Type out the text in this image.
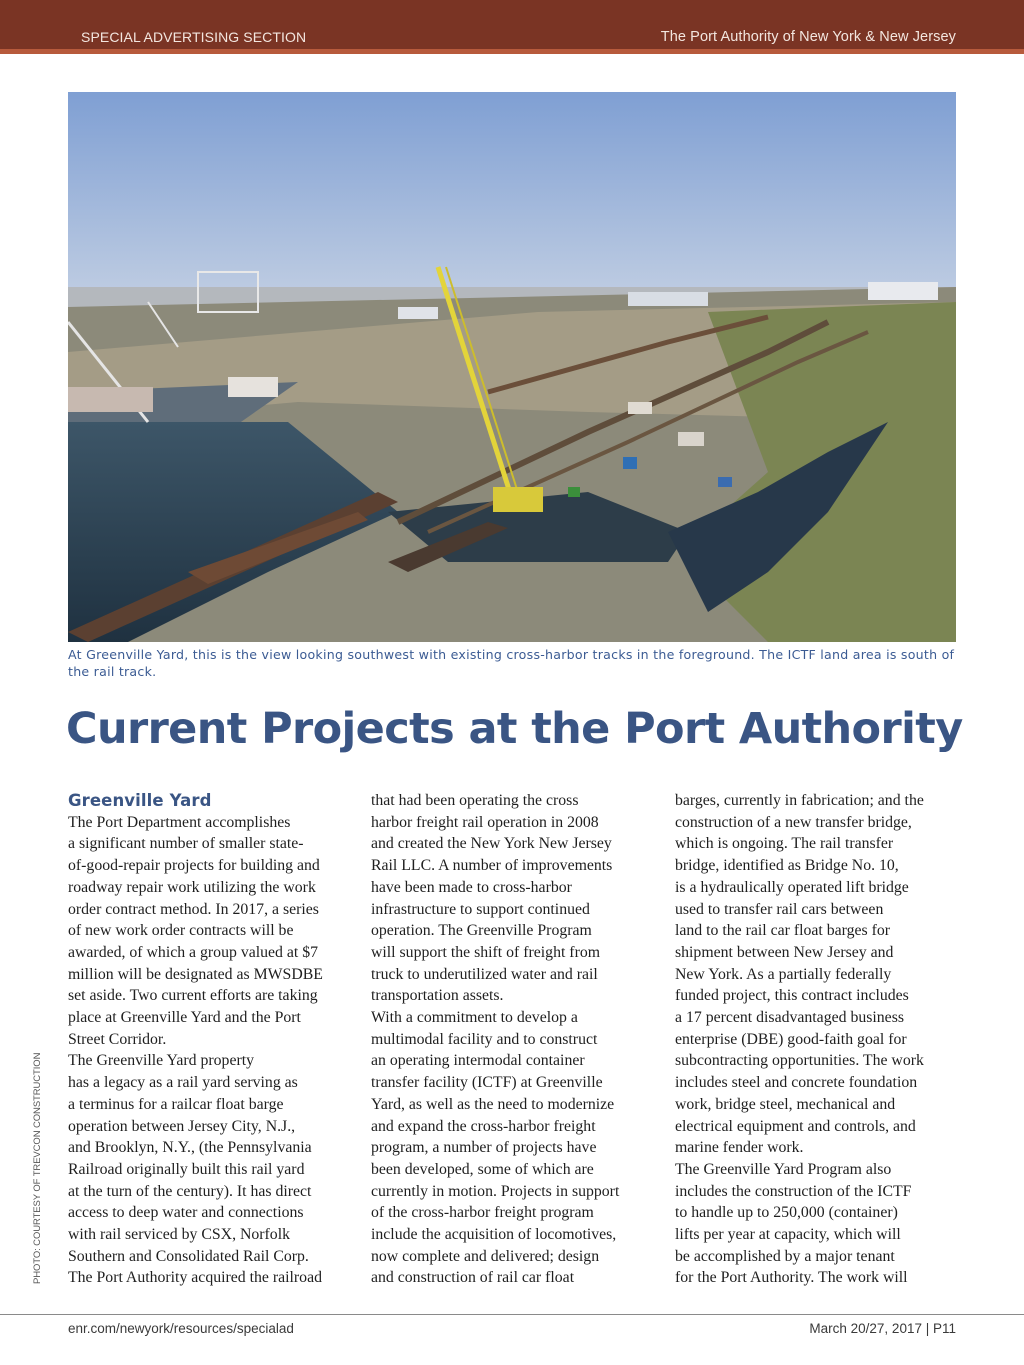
SPECIAL ADVERTISING SECTION	The Port Authority of New York & New Jersey
PHOTO: COURTESY OF TREVCON CONSTRUCTION
At Greenville Yard, this is the view looking southwest with existing cross-harbor tracks in the foreground. The ICTF land area is south of the rail track.
Current Projects at the Port Authority
Greenville Yard

The Port Department accomplishes
a significant number of smaller state-
of-good-repair projects for building and
roadway repair work utilizing the work
order contract method. In 2017, a series
of new work order contracts will be
awarded, of which a group valued at $7
million will be designated as MWSDBE
set aside. Two current efforts are taking
place at Greenville Yard and the Port
Street Corridor.
The Greenville Yard property
has a legacy as a rail yard serving as
a terminus for a railcar float barge
operation between Jersey City, N.J.,
and Brooklyn, N.Y., (the Pennsylvania
Railroad originally built this rail yard
at the turn of the century). It has direct
access to deep water and connections
with rail serviced by CSX, Norfolk
Southern and Consolidated Rail Corp.
The Port Authority acquired the railroad

that had been operating the cross
harbor freight rail operation in 2008
and created the New York New Jersey
Rail LLC. A number of improvements
have been made to cross-harbor
infrastructure to support continued
operation. The Greenville Program
will support the shift of freight from
truck to underutilized water and rail
transportation assets.
With a commitment to develop a
multimodal facility and to construct
an operating intermodal container
transfer facility (ICTF) at Greenville
Yard, as well as the need to modernize
and expand the cross-harbor freight
program, a number of projects have
been developed, some of which are
currently in motion. Projects in support
of the cross-harbor freight program
include the acquisition of locomotives,
now complete and delivered; design
and construction of rail car float

barges, currently in fabrication; and the
construction of a new transfer bridge,
which is ongoing. The rail transfer
bridge, identified as Bridge No. 10,
is a hydraulically operated lift bridge
used to transfer rail cars between
land to the rail car float barges for
shipment between New Jersey and
New York. As a partially federally
funded project, this contract includes
a 17 percent disadvantaged business
enterprise (DBE) good-faith goal for
subcontracting opportunities. The work
includes steel and concrete foundation
work, bridge steel, mechanical and
electrical equipment and controls, and
marine fender work.
The Greenville Yard Program also
includes the construction of the ICTF
to handle up to 250,000 (container)
lifts per year at capacity, which will
be accomplished by a major tenant
for the Port Authority. The work will

enr.com/newyork/resources/specialad	March 20/27, 2017 | P11
